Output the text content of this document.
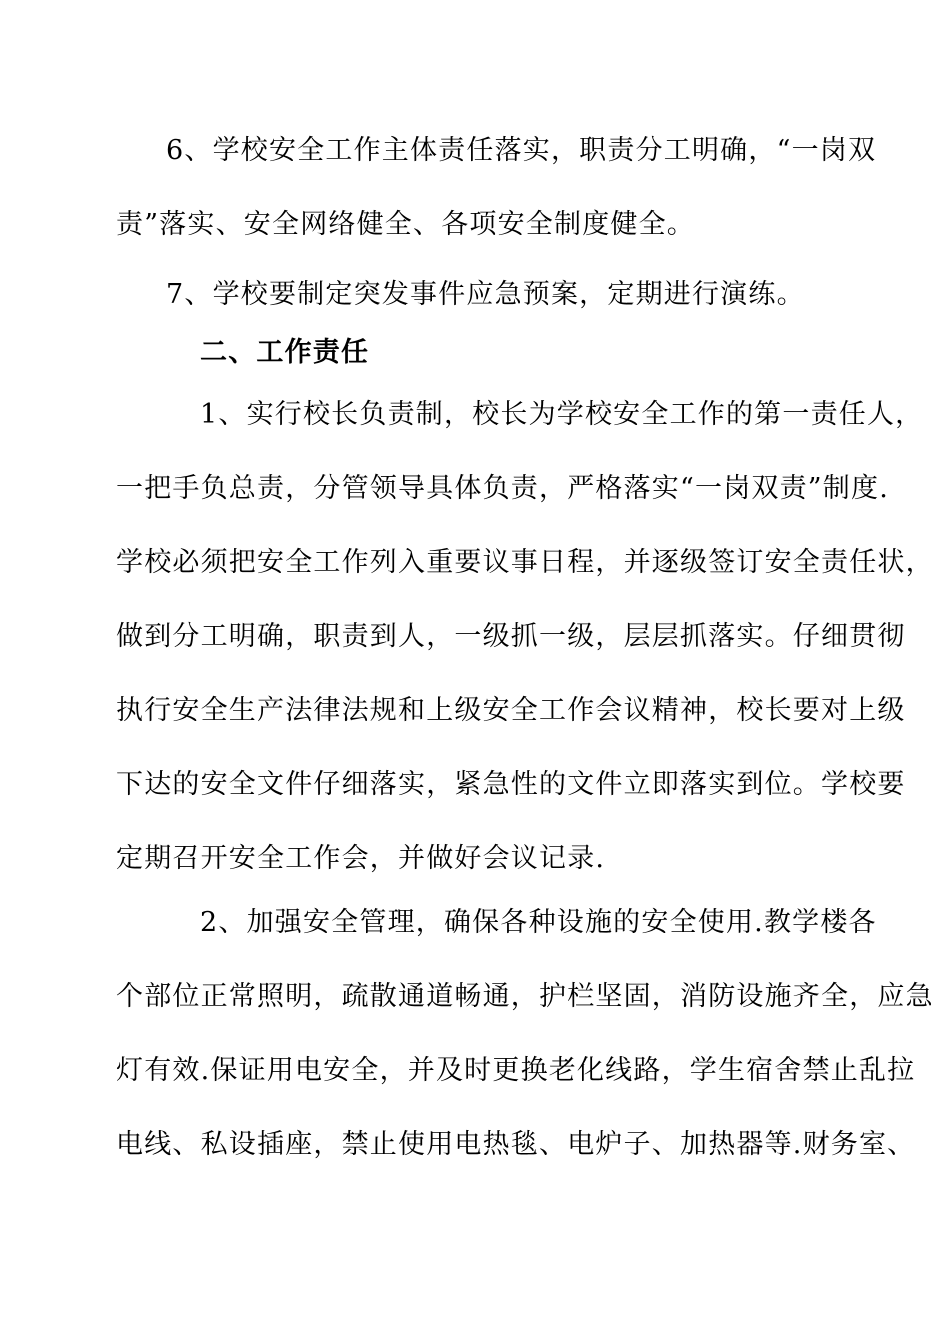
6、学校安全工作主体责任落实，职责分工明确，“一岗双
责”落实、安全网络健全、各项安全制度健全。
7、学校要制定突发事件应急预案，定期进行演练。
二、工作责任
1、实行校长负责制，校长为学校安全工作的第一责任人，
一把手负总责，分管领导具体负责，严格落实“一岗双责”制度.
学校必须把安全工作列入重要议事日程，并逐级签订安全责任状，
做到分工明确，职责到人，一级抓一级，层层抓落实。仔细贯彻
执行安全生产法律法规和上级安全工作会议精神，校长要对上级
下达的安全文件仔细落实，紧急性的文件立即落实到位。学校要
定期召开安全工作会，并做好会议记录.
2、加强安全管理，确保各种设施的安全使用.教学楼各
个部位正常照明，疏散通道畅通，护栏坚固，消防设施齐全，应急
灯有效.保证用电安全，并及时更换老化线路，学生宿舍禁止乱拉
电线、私设插座，禁止使用电热毯、电炉子、加热器等.财务室、
